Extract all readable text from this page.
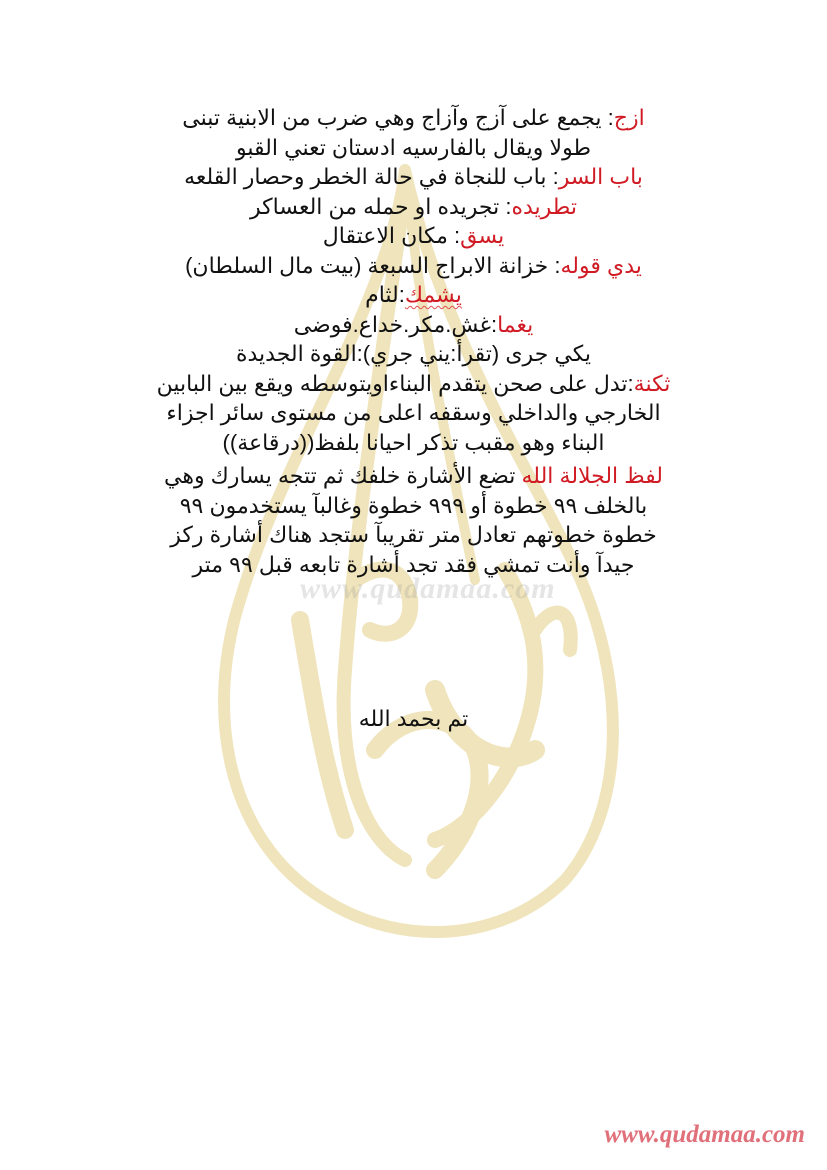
www.qudamaa.com
ازج: يجمع على آزج وآزاج وهي ضرب من الابنية تبنى
طولا ويقال بالفارسيه ادستان تعني القبو
باب السر: باب للنجاة في حالة الخطر وحصار القلعه
تطريده: تجريده او حمله من العساكر
يسق: مكان الاعتقال
يدي قوله: خزانة الابراج السبعة (بيت مال السلطان)
يشمك:لثام
يغما:غش.مكر.خداع.فوضى
يكي جرى (تقرأ:يني جري):القوة الجديدة
ثكنة:تدل على صحن يتقدم البناءاويتوسطه ويقع بين البابين
الخارجي والداخلي وسقفه اعلى من مستوى سائر اجزاء
البناء وهو مقبب تذكر احيانا بلفظ((درقاعة))
لفظ الجلالة الله تضع الأشارة خلفك ثم تتجه يسارك وهي
بالخلف ٩٩ خطوة أو ٩٩٩ خطوة وغالبآ يستخدمون ٩٩
خطوة خطوتهم تعادل متر تقريبآ ستجد هناك أشارة ركز
جيدآ وأنت تمشي فقد تجد أشارة تابعه قبل ٩٩ متر
تم بحمد الله
www.qudamaa.com
